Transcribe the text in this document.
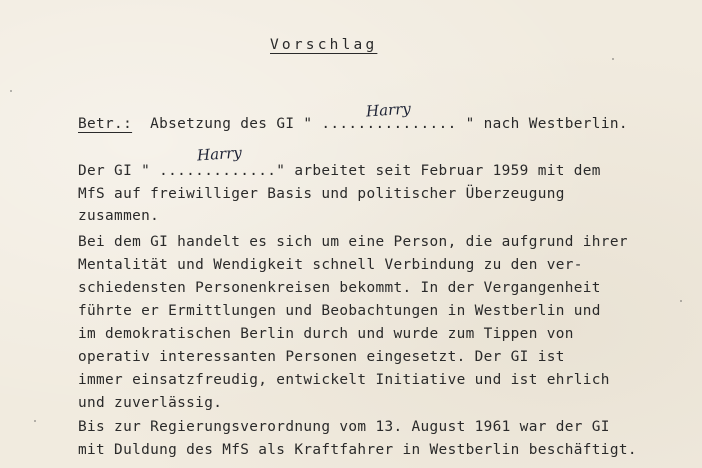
Vorschlag
Betr.: Absetzung des GI " ............... " nach Westberlin.
Harry
Der GI " ............." arbeitet seit Februar 1959 mit dem
Harry
MfS auf freiwilliger Basis und politischer Überzeugung
zusammen.
Bei dem GI handelt es sich um eine Person, die aufgrund ihrer
Mentalität und Wendigkeit schnell Verbindung zu den ver-
schiedensten Personenkreisen bekommt. In der Vergangenheit
führte er Ermittlungen und Beobachtungen in Westberlin und
im demokratischen Berlin durch und wurde zum Tippen von
operativ interessanten Personen eingesetzt. Der GI ist
immer einsatzfreudig, entwickelt Initiative und ist ehrlich
und zuverlässig.
Bis zur Regierungsverordnung vom 13. August 1961 war der GI
mit Duldung des MfS als Kraftfahrer in Westberlin beschäftigt.
